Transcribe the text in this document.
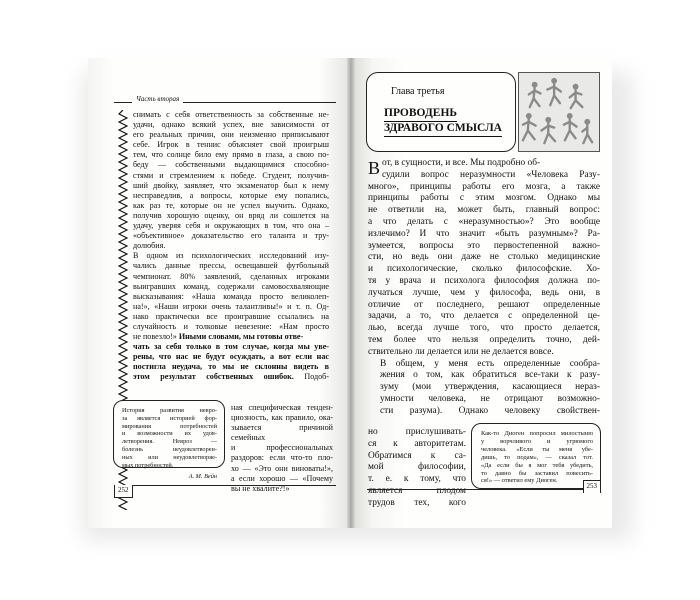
Часть вторая
снимать с себя ответственность за собственные не-
удачи, однако всякий успех, вне зависимости от
его реальных причин, они неизменно приписывают
себе. Игрок в теннис объясняет свой проигрыш
тем, что солнце било ему прямо в глаза, а свою по-
беду — собственными выдающимися способно-
стями и стремлением к победе. Студент, получив-
ший двойку, заявляет, что экзаменатор был к нему
несправедлив, а вопросы, которые ему попались,
как раз те, которые он не успел выучить. Однако,
получив хорошую оценку, он вряд ли сошлется на
удачу, уверяя себя и окружающих в том, что она –
«объективное» доказательство его таланта и тру-
долюбия.
В одном из психологических исследований изу-
чались данные прессы, освещавшей футбольный
чемпионат. 80% заявлений, сделанных игроками
выигравших команд, содержали самовосхваляющие
высказывания: «Наша команда просто великолеп-
на!», «Наши игроки очень талантливы!» и т. п. Од-
нако практически все проигравшие ссылались на
случайность и толковые невезение: «Нам просто
не повезло!» Иными словами, мы готовы отве-
чать за себя только в том случае, когда мы уве-
рены, что нас не будут осуждать, а вот если нас
постигла неудача, то мы не склонны видеть в
этом результат собственных ошибок. Подоб-
История развития невро-
за является историей фор-
мирования потребностей
и возможности их удов-
летворения. Невроз —
болезнь неудовлетворен-
ных или неудовлетворяе-
мых потребностей.
А. М. Вейн
ная специфическая тенден-
циозность, как правило, ока-
зывается причиной семейных
и профессиональных
раздоров: если что-то пло-
хо — «Это они виноваты!»,
а если хорошо — «Почему
вы не хвалите?!»
252
Глава третья
ПРОВОДЕНЬ
ЗДРАВОГО СМЫСЛА

Вот, в сущности, и все. Мы подробно об-
судили вопрос неразумности «Человека Разу-
много», принципы работы его мозга, а также
принципы работы с этим мозгом. Однако мы
не ответили на, может быть, главный вопрос:
а что делать с «неразумностью»? Это вообще
излечимо? И что значит «быть разумным»? Ра-
зумеется, вопросы это первостепенной важно-
сти, но ведь они даже не столько медицинские
и психологические, сколько философские. Хо-
тя у врача и психолога философия должна по-
лучаться лучше, чем у философа, ведь они, в
отличие от последнего, решают определенные
задачи, а то, что делается с определенной це-
лью, всегда лучше того, что просто делается,
тем более что нельзя определить точно, дей-
ствительно ли делается или не делается вовсе.

В общем, у меня есть определенные сообра-
жения о том, как обратиться все-таки к разу-
зуму (мои утверждения, касающиеся нераз-
умности человека, не отрицают возможно-
сти разума). Однако человеку свойствен-

но прислушивать-
ся к авторитетам.
Обратимся к са-
мой философии,
т. е. к тому, что
является плодом
трудов тех, кого
Как-то Диоген попросил милостыню
у ворчливого и угрюмого
человека. «Если ты меня убе-
дишь, то подам», — сказал тот.
«Да если бы я мог тебя убедить,
то давно бы заставил повесить-
ся!» — ответил ему Диоген.
253
